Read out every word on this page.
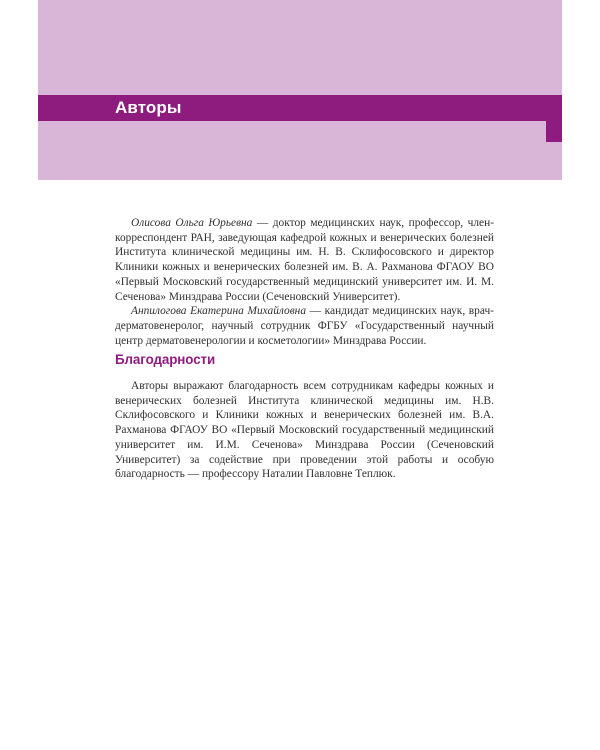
Авторы

Олисова Ольга Юрьевна — доктор медицинских наук, профессор, член-корреспондент РАН, заведующая кафедрой кожных и венерических болезней Института клинической медицины им. Н. В. Склифосовского и директор Клиники кожных и венерических болезней им. В. А. Рахманова ФГАОУ ВО «Первый Московский государственный медицинский университет им. И. М. Сеченова» Минздрава России (Сеченовский Университет).

Анпилогова Екатерина Михайловна — кандидат медицинских наук, врач-дерматовенеролог, научный сотрудник ФГБУ «Государственный научный центр дерматовенерологии и косметологии» Минздрава России.

Благодарности

Авторы выражают благодарность всем сотрудникам кафедры кожных и венерических болезней Института клинической медицины им. Н.В. Склифосовского и Клиники кожных и венерических болезней им. В.А. Рахманова ФГАОУ ВО «Первый Московский государственный медицинский университет им. И.М. Сеченова» Минздрава России (Сеченовский Университет) за содействие при проведении этой работы и особую благодарность — профессору Наталии Павловне Теплюк.
